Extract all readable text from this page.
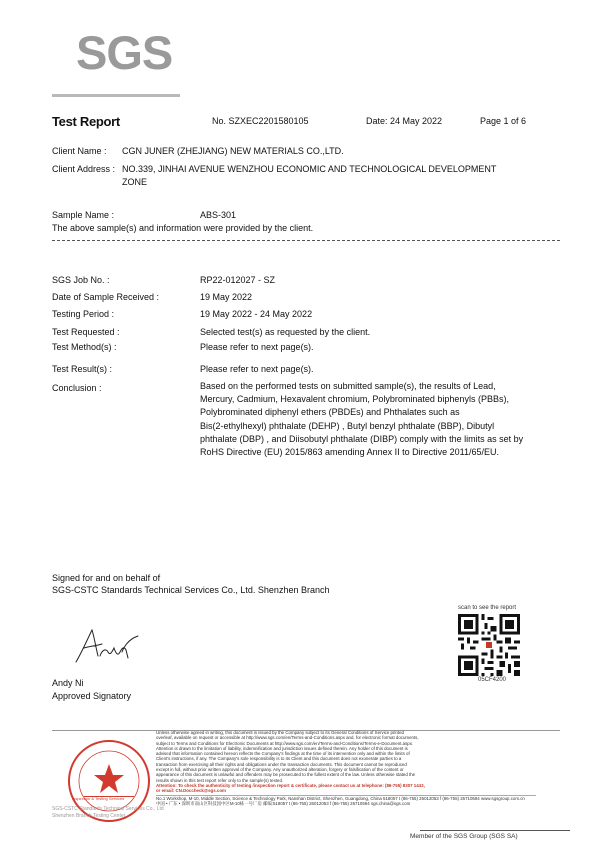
SGS
Test Report	No. SZXEC2201580105	Date: 24 May 2022	Page 1 of 6
Client Name : CGN JUNER (ZHEJIANG) NEW MATERIALS CO.,LTD.
Client Address : NO.339, JINHAI AVENUE WENZHOU ECONOMIC AND TECHNOLOGICAL DEVELOPMENT
ZONE
Sample Name :	ABS-301
The above sample(s) and information were provided by the client.
SGS Job No. :	RP22-012027 - SZ
Date of Sample Received :	19 May 2022
Testing Period :	19 May 2022 - 24 May 2022
Test Requested :	Selected test(s) as requested by the client.
Test Method(s) :	Please refer to next page(s).
Test Result(s) :	Please refer to next page(s).
Conclusion :	Based on the performed tests on submitted sample(s), the results of Lead,
Mercury, Cadmium, Hexavalent chromium, Polybrominated biphenyls (PBBs),
Polybrominated diphenyl ethers (PBDEs) and Phthalates such as
Bis(2-ethylhexyl) phthalate (DEHP) , Butyl benzyl phthalate (BBP), Dibutyl
phthalate (DBP) , and Diisobutyl phthalate (DIBP) comply with the limits as set by
RoHS Directive (EU) 2015/863 amending Annex II to Directive 2011/65/EU.
Signed for and on behalf of
SGS-CSTC Standards Technical Services Co., Ltd. Shenzhen Branch
Andy Ni
Approved Signatory
scan to see the report
05CF4200
Inspection & Testing Services
SGS-CSTC Standards Technical Services Co., Ltd
Shenzhen Branch Testing Center
Unless otherwise agreed in writing, this document is issued by the Company subject to its General Conditions of Service printed
overleaf, available on request or accessible at http://www.sgs.com/en/Terms-and-Conditions.aspx and, for electronic format documents,
subject to Terms and Conditions for Electronic Documents at http://www.sgs.com/en/Terms-and-Conditions/Terms-e-Document.aspx.
Attention is drawn to the limitation of liability, indemnification and jurisdiction issues defined therein. Any holder of this document is
advised that information contained hereon reflects the Company's findings at the time of its intervention only and within the limits of
Client's instructions, if any. The Company's sole responsibility is to its Client and this document does not exonerate parties to a
transaction from exercising all their rights and obligations under the transaction documents. This document cannot be reproduced
except in full, without prior written approval of the Company. Any unauthorized alteration, forgery or falsification of the content or
appearance of this document is unlawful and offenders may be prosecuted to the fullest extent of the law. Unless otherwise stated the
results shown in this test report refer only to the sample(s) tested.
Attention: To check the authenticity of testing /inspection report & certificate, please contact us at telephone: (86-755) 8307 1443,
or email: CN.Doccheck@sgs.com
No.1 Workshop, M-10, Middle Section, Science & Technology Park, Nanshan District, Shenzhen, Guangdong, China 518057 t (86-755) 26012053 f (86-755) 26710594 www.sgsgroup.com.cn
中国 • 广东 • 深圳市南山区科技园中区M-10栋一号厂房 邮编:518057 t (86-755) 26012053 f (86-755) 26710594 sgs.china@sgs.com
Member of the SGS Group (SGS SA)
